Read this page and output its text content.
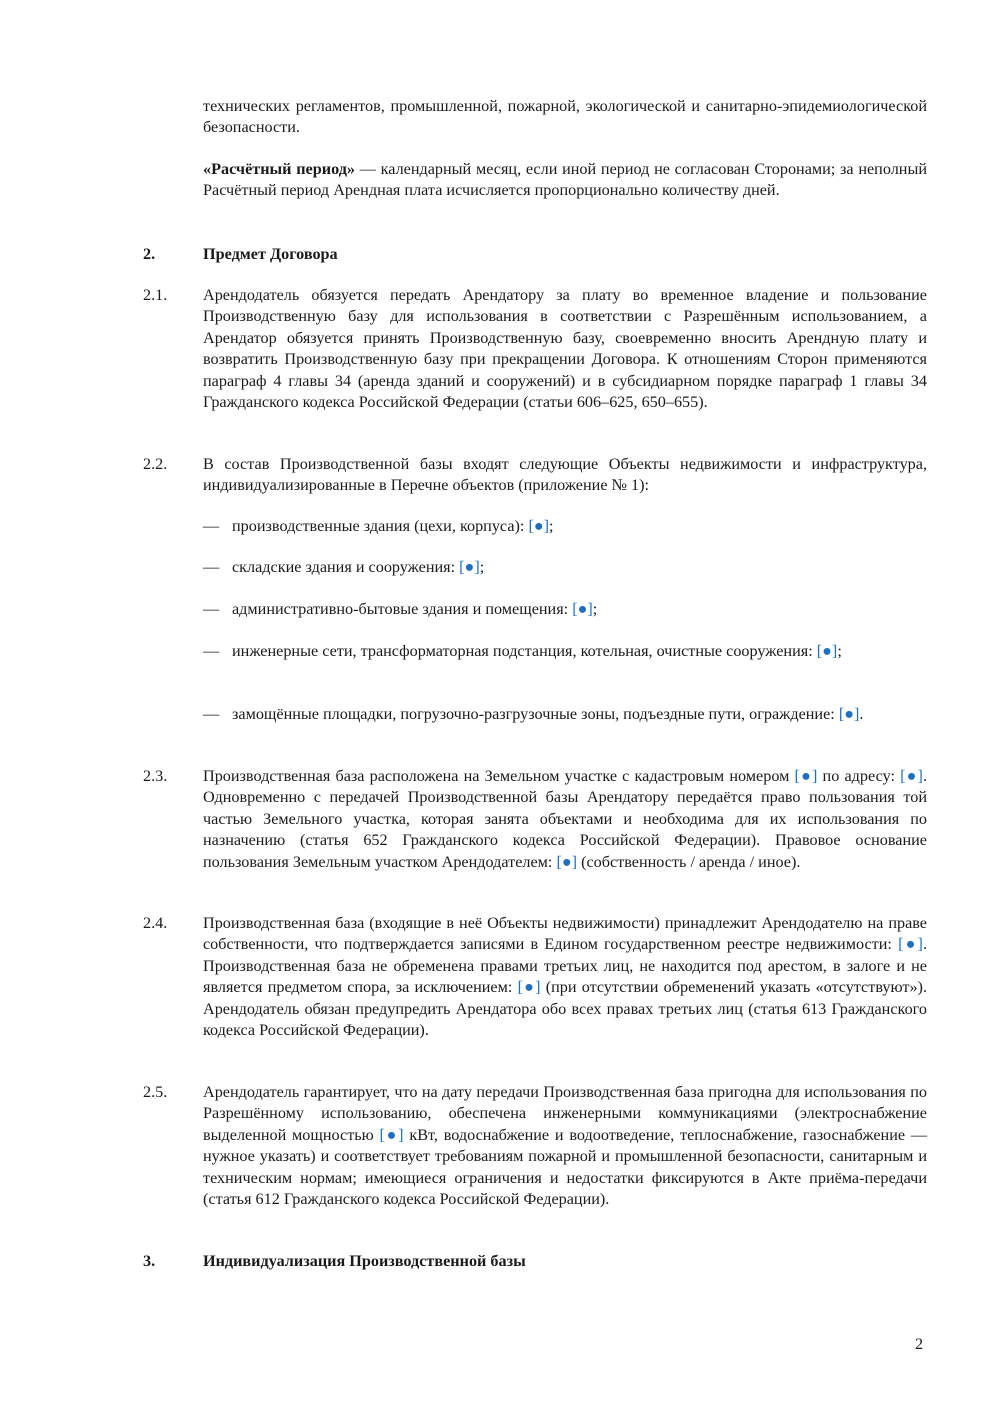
технических регламентов, промышленной, пожарной, экологической и санитарно-эпидемиологической безопасности.

«Расчётный период» — календарный месяц, если иной период не согласован Сторонами; за неполный Расчётный период Арендная плата исчисляется пропорционально количеству дней.

2.	Предмет Договора

2.1. Арендодатель обязуется передать Арендатору за плату во временное владение и пользование Производственную базу для использования в соответствии с Разрешённым использованием, а Арендатор обязуется принять Производственную базу, своевременно вносить Арендную плату и возвратить Производственную базу при прекращении Договора. К отношениям Сторон применяются параграф 4 главы 34 (аренда зданий и сооружений) и в субсидиарном порядке параграф 1 главы 34 Гражданского кодекса Российской Федерации (статьи 606–625, 650–655).

2.2. В состав Производственной базы входят следующие Объекты недвижимости и инфраструктура, индивидуализированные в Перечне объектов (приложение № 1):

— производственные здания (цехи, корпуса): [●];

— складские здания и сооружения: [●];

— административно-бытовые здания и помещения: [●];

— инженерные сети, трансформаторная подстанция, котельная, очистные сооружения: [●];

— замощённые площадки, погрузочно-разгрузочные зоны, подъездные пути, ограждение: [●].

2.3. Производственная база расположена на Земельном участке с кадастровым номером [●] по адресу: [●]. Одновременно с передачей Производственной базы Арендатору передаётся право пользования той частью Земельного участка, которая занята объектами и необходима для их использования по назначению (статья 652 Гражданского кодекса Российской Федерации). Правовое основание пользования Земельным участком Арендодателем: [●] (собственность / аренда / иное).

2.4. Производственная база (входящие в неё Объекты недвижимости) принадлежит Арендодателю на праве собственности, что подтверждается записями в Едином государственном реестре недвижимости: [●]. Производственная база не обременена правами третьих лиц, не находится под арестом, в залоге и не является предметом спора, за исключением: [●] (при отсутствии обременений указать «отсутствуют»). Арендодатель обязан предупредить Арендатора обо всех правах третьих лиц (статья 613 Гражданского кодекса Российской Федерации).

2.5. Арендодатель гарантирует, что на дату передачи Производственная база пригодна для использования по Разрешённому использованию, обеспечена инженерными коммуникациями (электроснабжение выделенной мощностью [●] кВт, водоснабжение и водоотведение, теплоснабжение, газоснабжение — нужное указать) и соответствует требованиям пожарной и промышленной безопасности, санитарным и техническим нормам; имеющиеся ограничения и недостатки фиксируются в Акте приёма-передачи (статья 612 Гражданского кодекса Российской Федерации).

3.	Индивидуализация Производственной базы

2
